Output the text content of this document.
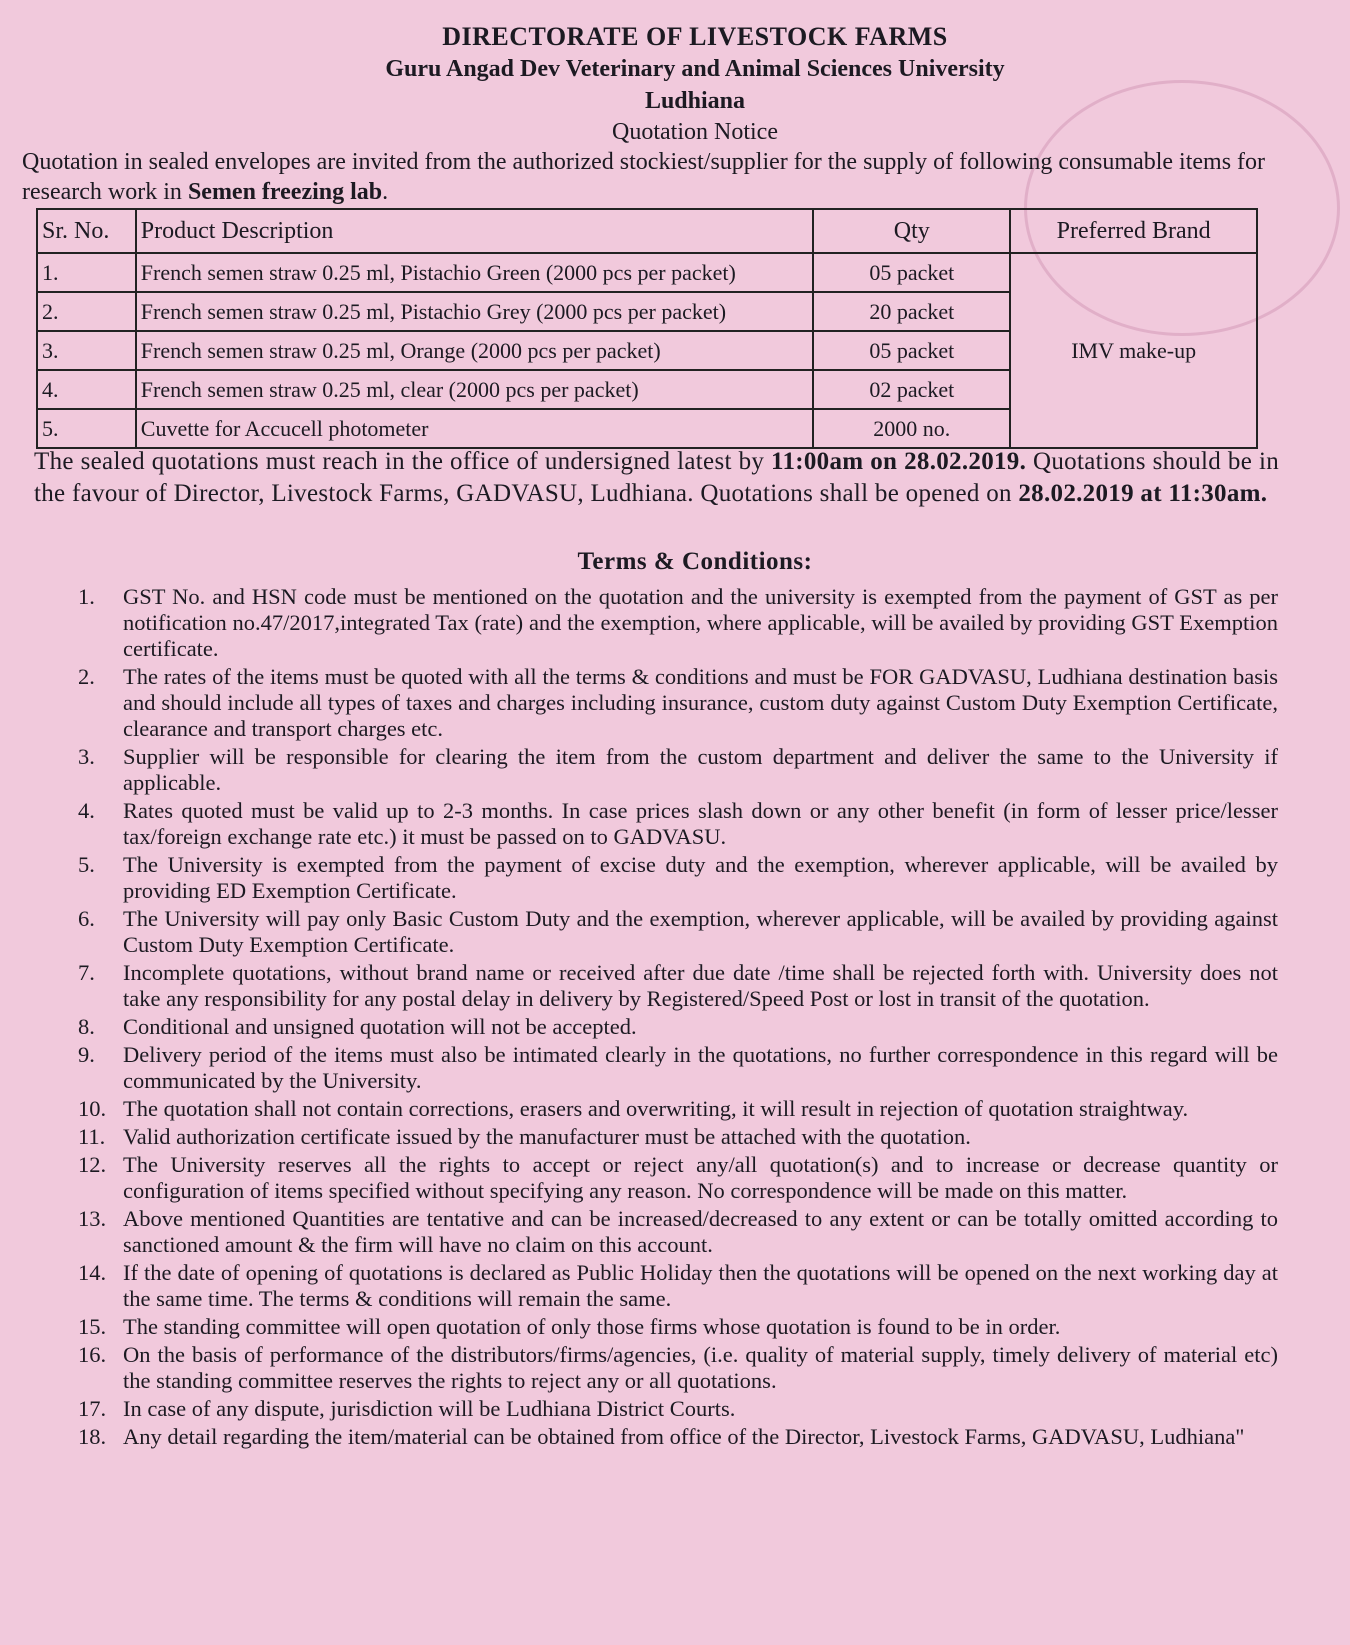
DIRECTORATE OF LIVESTOCK FARMS
Guru Angad Dev Veterinary and Animal Sciences University
Ludhiana
Quotation Notice
Quotation in sealed envelopes are invited from the authorized stockiest/supplier for the supply of following consumable items for research work in Semen freezing lab.
Sr. No.	Product Description	Qty	Preferred Brand
1.	French semen straw 0.25 ml, Pistachio Green (2000 pcs per packet)	05 packet	IMV make-up
2.	French semen straw 0.25 ml, Pistachio Grey (2000 pcs per packet)	20 packet	
3.	French semen straw 0.25 ml, Orange (2000 pcs per packet)	05 packet	
4.	French semen straw 0.25 ml, clear (2000 pcs per packet)	02 packet	
5.	Cuvette for Accucell photometer	2000 no.	
The sealed quotations must reach in the office of undersigned latest by 11:00am on 28.02.2019. Quotations should be in the favour of Director, Livestock Farms, GADVASU, Ludhiana. Quotations shall be opened on 28.02.2019 at 11:30am.
Terms & Conditions:
1.	GST No. and HSN code must be mentioned on the quotation and the university is exempted from the payment of GST as per notification no.47/2017,integrated Tax (rate) and the exemption, where applicable, will be availed by providing GST Exemption certificate.
2.	The rates of the items must be quoted with all the terms & conditions and must be FOR GADVASU, Ludhiana destination basis and should include all types of taxes and charges including insurance, custom duty against Custom Duty Exemption Certificate, clearance and transport charges etc.
3.	Supplier will be responsible for clearing the item from the custom department and deliver the same to the University if applicable.
4.	Rates quoted must be valid up to 2-3 months. In case prices slash down or any other benefit (in form of lesser price/lesser tax/foreign exchange rate etc.) it must be passed on to GADVASU.
5.	The University is exempted from the payment of excise duty and the exemption, wherever applicable, will be availed by providing ED Exemption Certificate.
6.	The University will pay only Basic Custom Duty and the exemption, wherever applicable, will be availed by providing against Custom Duty Exemption Certificate.
7.	Incomplete quotations, without brand name or received after due date /time shall be rejected forth with. University does not take any responsibility for any postal delay in delivery by Registered/Speed Post or lost in transit of the quotation.
8.	Conditional and unsigned quotation will not be accepted.
9.	Delivery period of the items must also be intimated clearly in the quotations, no further correspondence in this regard will be communicated by the University.
10. The quotation shall not contain corrections, erasers and overwriting, it will result in rejection of quotation straightway.
11. Valid authorization certificate issued by the manufacturer must be attached with the quotation.
12. The University reserves all the rights to accept or reject any/all quotation(s) and to increase or decrease quantity or configuration of items specified without specifying any reason. No correspondence will be made on this matter.
13. Above mentioned Quantities are tentative and can be increased/decreased to any extent or can be totally omitted according to sanctioned amount & the firm will have no claim on this account.
14. If the date of opening of quotations is declared as Public Holiday then the quotations will be opened on the next working day at the same time. The terms & conditions will remain the same.
15. The standing committee will open quotation of only those firms whose quotation is found to be in order.
16. On the basis of performance of the distributors/firms/agencies, (i.e. quality of material supply, timely delivery of material etc) the standing committee reserves the rights to reject any or all quotations.
17. In case of any dispute, jurisdiction will be Ludhiana District Courts.
18. Any detail regarding the item/material can be obtained from office of the Director, Livestock Farms, GADVASU, Ludhiana"
